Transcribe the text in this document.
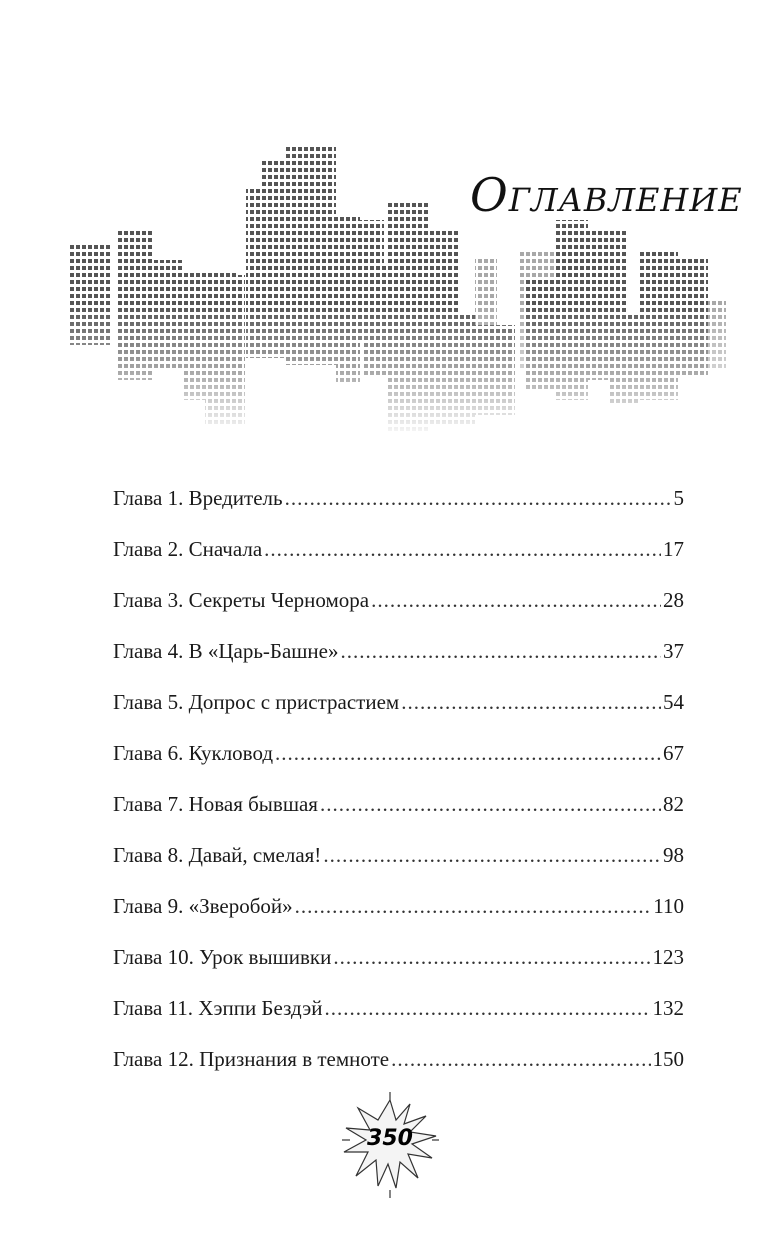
Оглавление
Глава 1. Вредитель .....	5
Глава 2. Сначала .....	17
Глава 3. Секреты Черномора .....	28
Глава 4. В «Царь-Башне» .....	37
Глава 5. Допрос с пристрастием .....	54
Глава 6. Кукловод .....	67
Глава 7. Новая бывшая .....	82
Глава 8. Давай, смелая! .....	98
Глава 9. «Зверобой» .....	110
Глава 10. Урок вышивки .....	123
Глава 11. Хэппи Бездэй .....	132
Глава 12. Признания в темноте .....	150
350
